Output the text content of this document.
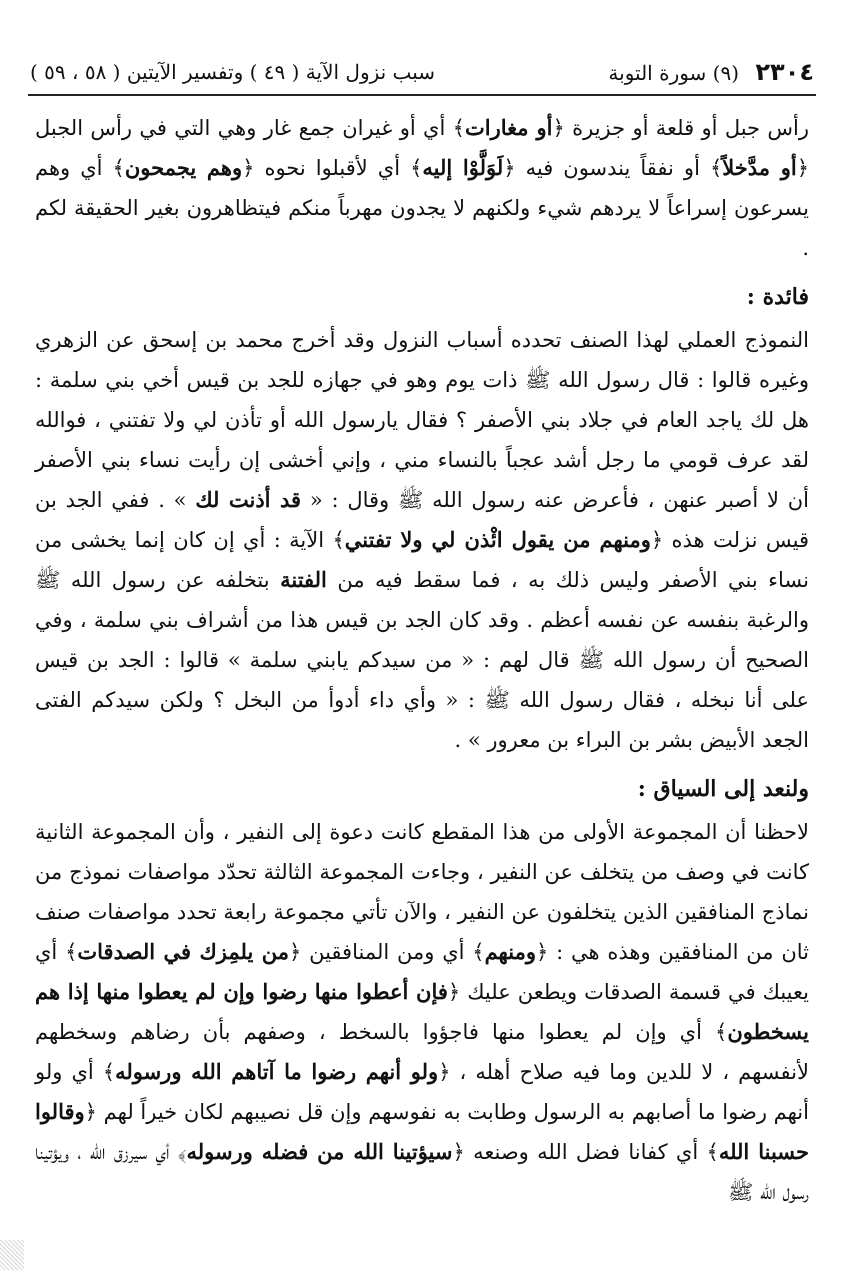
٢٣٠٤ (٩) سورة التوبة
سبب نزول الآية ( ٤٩ ) وتفسير الآيتين ( ٥٨ ، ٥٩ )

رأس جبل أو قلعة أو جزيرة ﴿أو مغارات﴾ أي أو غيران جمع غار وهي التي في رأس الجبل ﴿أو مدَّخلاً﴾ أو نفقاً يندسون فيه ﴿لَوَلَّوْا إليه﴾ أي لأقبلوا نحوه ﴿وهم يجمحون﴾ أي وهم يسرعون إسراعاً لا يردهم شيء ولكنهم لا يجدون مهرباً منكم فيتظاهرون بغير الحقيقة لكم .

فائدة :

النموذج العملي لهذا الصنف تحدده أسباب النزول وقد أخرج محمد بن إسحق عن الزهري وغيره قالوا : قال رسول الله ﷺ ذات يوم وهو في جهازه للجد بن قيس أخي بني سلمة : هل لك ياجد العام في جلاد بني الأصفر ؟ فقال يارسول الله أو تأذن لي ولا تفتني ، فوالله لقد عرف قومي ما رجل أشد عجباً بالنساء مني ، وإني أخشى إن رأيت نساء بني الأصفر أن لا أصبر عنهن ، فأعرض عنه رسول الله ﷺ وقال : « قد أذنت لك » . ففي الجد بن قيس نزلت هذه ﴿ومنهم من يقول ائْذن لي ولا تفتني﴾ الآية : أي إن كان إنما يخشى من نساء بني الأصفر وليس ذلك به ، فما سقط فيه من الفتنة بتخلفه عن رسول الله ﷺ والرغبة بنفسه عن نفسه أعظم . وقد كان الجد بن قيس هذا من أشراف بني سلمة ، وفي الصحيح أن رسول الله ﷺ قال لهم : « من سيدكم يابني سلمة » قالوا : الجد بن قيس على أنا نبخله ، فقال رسول الله ﷺ : « وأي داء أدوأ من البخل ؟ ولكن سيدكم الفتى الجعد الأبيض بشر بن البراء بن معرور » .

ولنعد إلى السياق :

لاحظنا أن المجموعة الأولى من هذا المقطع كانت دعوة إلى النفير ، وأن المجموعة الثانية كانت في وصف من يتخلف عن النفير ، وجاءت المجموعة الثالثة تحدّد مواصفات نموذج من نماذج المنافقين الذين يتخلفون عن النفير ، والآن تأتي مجموعة رابعة تحدد مواصفات صنف ثان من المنافقين وهذه هي : ﴿ومنهم﴾ أي ومن المنافقين ﴿من يلمِزك في الصدقات﴾ أي يعيبك في قسمة الصدقات ويطعن عليك ﴿فإن أعطوا منها رضوا وإن لم يعطوا منها إذا هم يسخطون﴾ أي وإن لم يعطوا منها فاجؤوا بالسخط ، وصفهم بأن رضاهم وسخطهم لأنفسهم ، لا للدين وما فيه صلاح أهله ، ﴿ولو أنهم رضوا ما آتاهم الله ورسوله﴾ أي ولو أنهم رضوا ما أصابهم به الرسول وطابت به نفوسهم وإن قل نصيبهم لكان خيراً لهم ﴿وقالوا حسبنا الله﴾ أي كفانا فضل الله وصنعه ﴿سيؤتينا الله من فضله ورسوله﴾ أي سيرزق الله ، ويؤتينا رسول الله ﷺ
